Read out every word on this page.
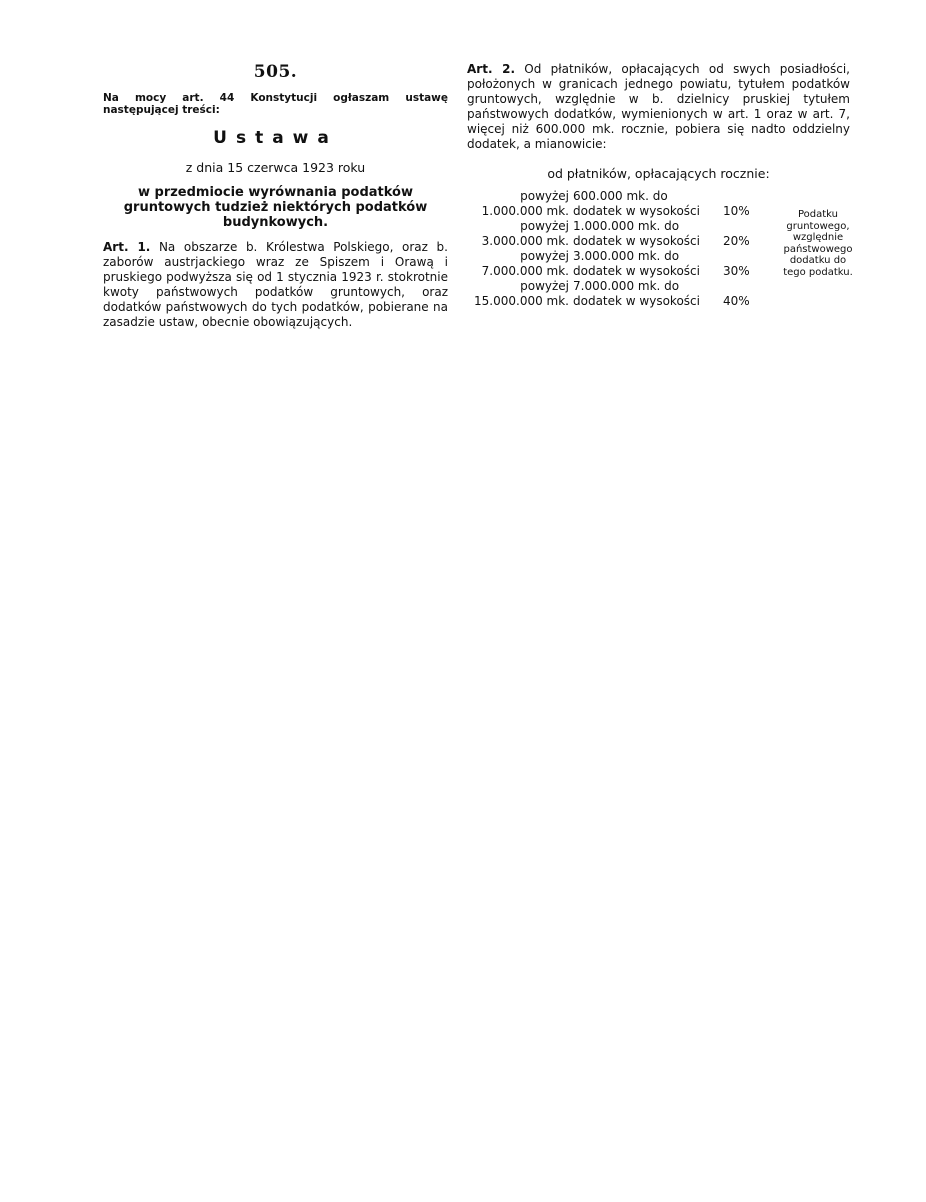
505.

Na mocy art. 44 Konstytucji ogłaszam ustawę następującej treści:

Ustawa
z dnia 15 czerwca 1923 roku
w przedmiocie wyrównania podatków gruntowych tudzież niektórych podatków budynkowych.

Art. 1. Na obszarze b. Królestwa Polskiego, oraz b. zaborów austrjackiego wraz ze Spiszem i Orawą i pruskiego podwyższa się od 1 stycznia 1923 r. stokrotnie kwoty państwowych podatków gruntowych, oraz dodatków państwowych do tych podatków, pobierane na zasadzie ustaw, obecnie obowiązujących.

Art. 2. Od płatników, opłacających od swych posiadłości, położonych w granicach jednego powiatu, tytułem podatków gruntowych, względnie w b. dzielnicy pruskiej tytułem państwowych dodatków, wymienionych w art. 1 oraz w art. 7, więcej niż 600.000 mk. rocznie, pobiera się nadto oddzielny dodatek, a mianowicie:

od płatników, opłacających rocznie:
powyżej 600.000 mk. do
1.000.000 mk. dodatek w wysokości	10%
powyżej 1.000.000 mk. do
3.000.000 mk. dodatek w wysokości	20%
powyżej 3.000.000 mk. do
7.000.000 mk. dodatek w wysokości	30%
powyżej 7.000.000 mk. do
15.000.000 mk. dodatek w wysokości	40%
Podatku gruntowego, względnie państwowego dodatku do tego podatku.
